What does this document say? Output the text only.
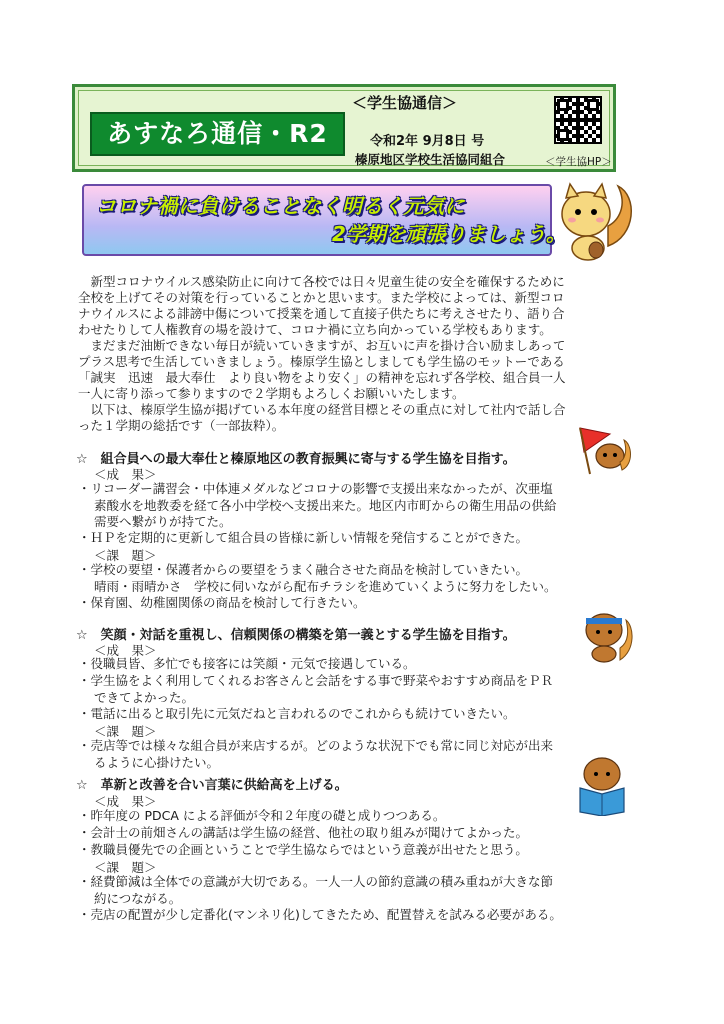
あすなろ通信・R2
＜学生協通信＞
令和2年 9月8日 号
榛原地区学校生活協同組合	＜学生協HP＞
コロナ禍に負けることなく明るく元気に
2学期を頑張りましょう。
　新型コロナウイルス感染防止に向けて各校では日々児童生徒の安全を確保するために
全校を上げてその対策を行っていることかと思います。また学校によっては、新型コロ
ナウイルスによる誹謗中傷について授業を通して直接子供たちに考えさせたり、語り合
わせたりして人権教育の場を設けて、コロナ禍に立ち向かっている学校もあります。
　まだまだ油断できない毎日が続いていきますが、お互いに声を掛け合い励ましあって
プラス思考で生活していきましょう。榛原学生協としましても学生協のモットーである
「誠実　迅速　最大奉仕　より良い物をより安く」の精神を忘れず各学校、組合員一人
一人に寄り添って参りますので２学期もよろしくお願いいたします。
　以下は、榛原学生協が掲げている本年度の経営目標とその重点に対して社内で話し合
った１学期の総括です（一部抜粋）。
☆　組合員への最大奉仕と榛原地区の教育振興に寄与する学生協を目指す。
＜成　果＞
・リコーダー講習会・中体連メダルなどコロナの影響で支援出来なかったが、次亜塩
素酸水を地教委を経て各小中学校へ支援出来た。地区内市町からの衛生用品の供給
需要へ繋がりが持てた。
・ＨＰを定期的に更新して組合員の皆様に新しい情報を発信することができた。
＜課　題＞
・学校の要望・保護者からの要望をうまく融合させた商品を検討していきたい。
晴雨・雨晴かさ　学校に伺いながら配布チラシを進めていくように努力をしたい。
・保育園、幼稚園関係の商品を検討して行きたい。
☆　笑顔・対話を重視し、信頼関係の構築を第一義とする学生協を目指す。
＜成　果＞
・役職員皆、多忙でも接客には笑顔・元気で接遇している。
・学生協をよく利用してくれるお客さんと会話をする事で野菜やおすすめ商品をＰＲ
できてよかった。
・電話に出ると取引先に元気だねと言われるのでこれからも続けていきたい。
＜課　題＞
・売店等では様々な組合員が来店するが。どのような状況下でも常に同じ対応が出来
るように心掛けたい。
☆　革新と改善を合い言葉に供給高を上げる。
＜成　果＞
・昨年度の PDCA による評価が令和２年度の礎と成りつつある。
・会計士の前畑さんの講話は学生協の経営、他社の取り組みが聞けてよかった。
・教職員優先での企画ということで学生協ならではという意義が出せたと思う。
＜課　題＞
・経費節減は全体での意識が大切である。一人一人の節約意識の積み重ねが大きな節
約につながる。
・売店の配置が少し定番化(マンネリ化)してきたため、配置替えを試みる必要がある。
